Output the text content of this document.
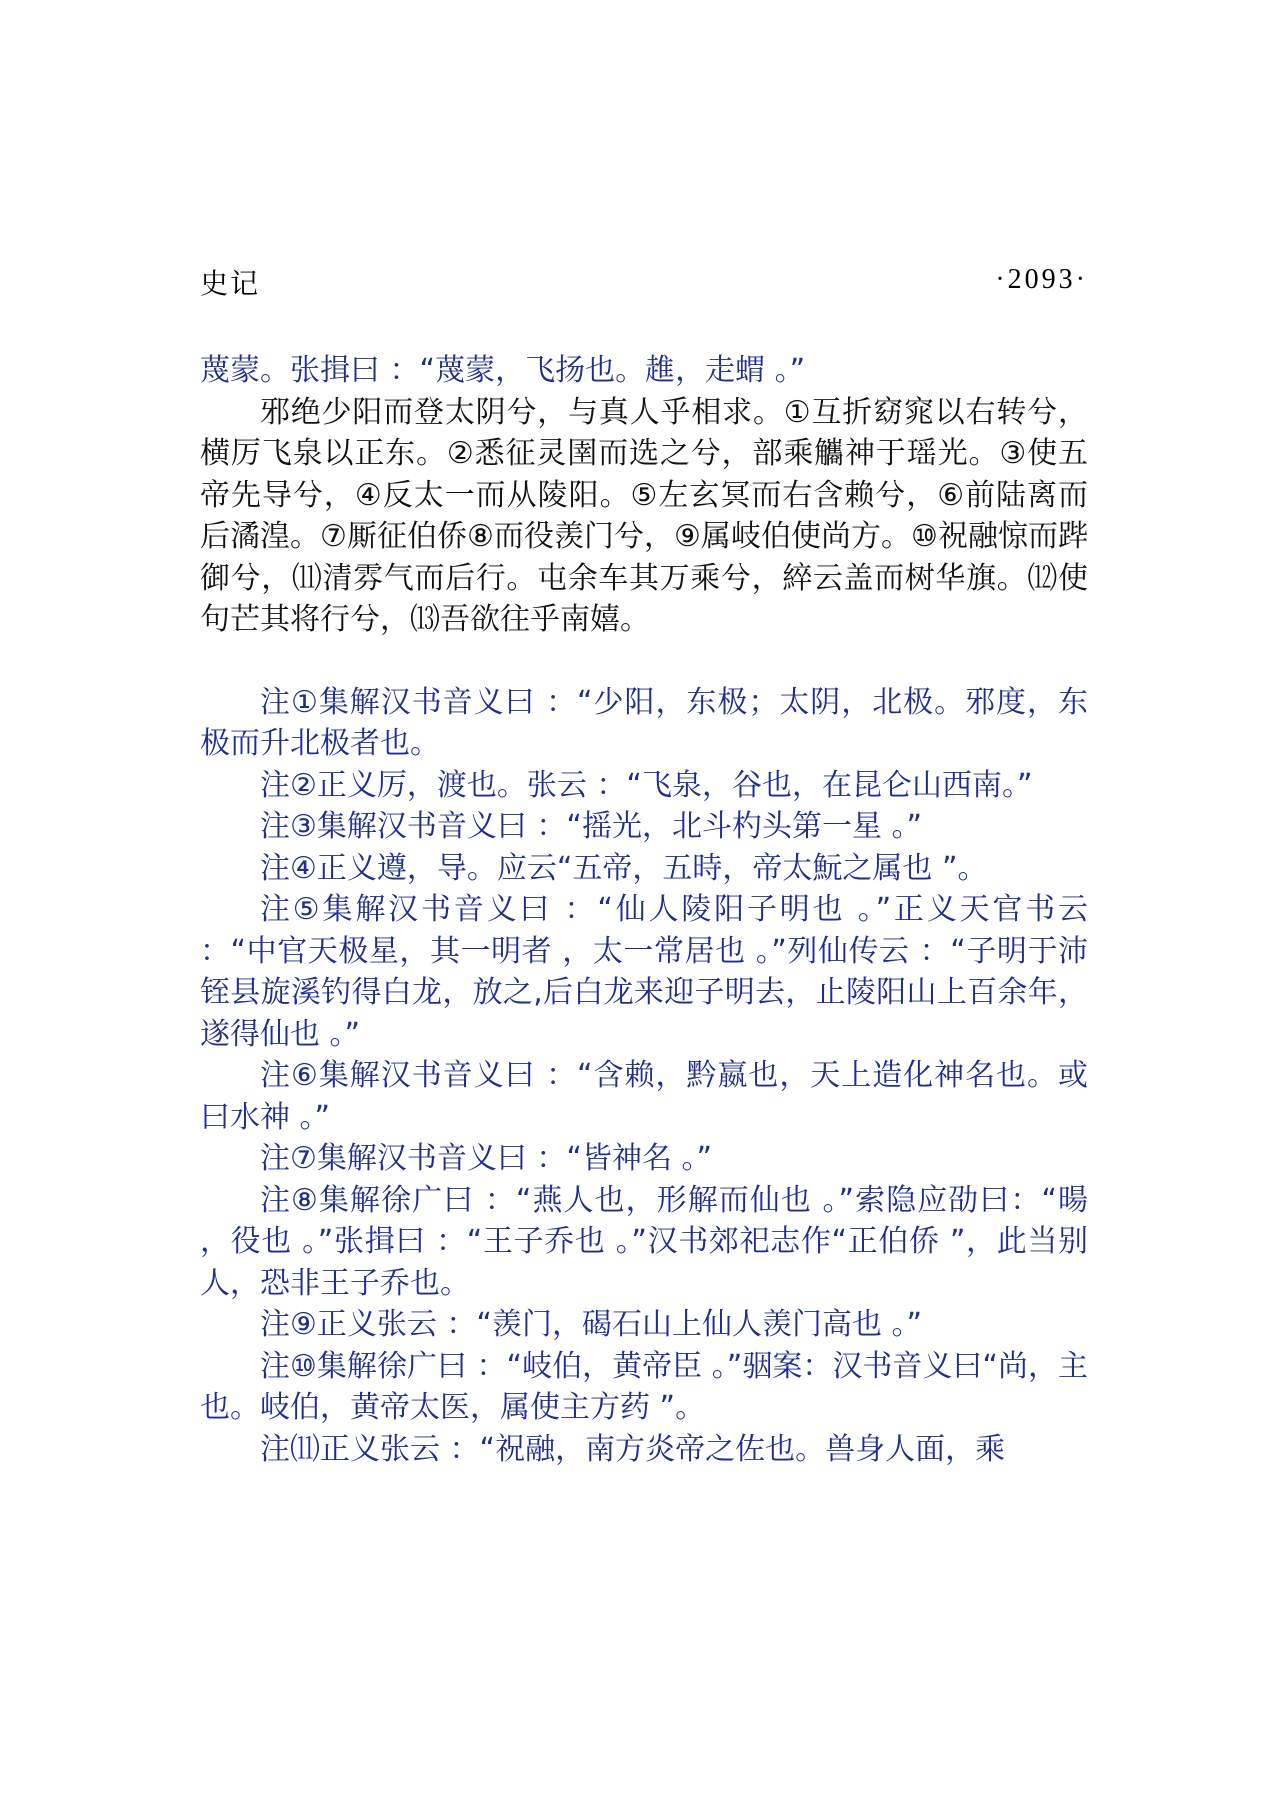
史记	·2093·

蔑蒙。张揖曰 ：“蔑蒙，飞扬也。趡，走蝟 。”

邪绝少阳而登太阴兮，与真人乎相求。①互折窈窕以右转兮，横厉飞泉以正东。②悉征灵圉而选之兮，部乘觿神于瑶光。③使五帝先导兮，④反太一而从陵阳。⑤左玄冥而右含赖兮，⑥前陆离而后潏湟。⑦厮征伯侨⑧而役羡门兮，⑨属岐伯使尚方。⑩祝融惊而跸御兮，⑾清雰气而后行。屯余车其万乘兮，綷云盖而树华旗。⑿使句芒其将行兮，⒀吾欲往乎南嬉。

注①集解汉书音义曰 ：“少阳，东极；太阴，北极。邪度，东极而升北极者也。

注②正义厉，渡也。张云 ：“飞泉，谷也，在昆仑山西南。”

注③集解汉书音义曰 ：“摇光，北斗杓头第一星 。”

注④正义遵，导。应云“五帝，五時，帝太魭之属也 ”。

注⑤集解汉书音义曰 ：“仙人陵阳子明也 。”正义天官书云 ：“中官天极星，其一明者 ，太一常居也 。”列仙传云 ：“子明于沛铚县旋溪钓得白龙，放之,后白龙来迎子明去，止陵阳山上百余年，遂得仙也 。”

注⑥集解汉书音义曰 ：“含赖，黔嬴也，天上造化神名也。或曰水神 。”

注⑦集解汉书音义曰 ：“皆神名 。”

注⑧集解徐广曰 ：“燕人也，形解而仙也 。”索隐应劭曰：“暘 ，役也 。”张揖曰 ：“王子乔也 。”汉书郊祀志作“正伯侨 ”，此当别人，恐非王子乔也。

注⑨正义张云 ：“羡门，碣石山上仙人羡门高也 。”

注⑩集解徐广曰 ：“岐伯，黄帝臣 。”骃案：汉书音义曰“尚，主也。岐伯，黄帝太医，属使主方药 ”。

注⑾正义张云 ：“祝融，南方炎帝之佐也。兽身人面，乘
